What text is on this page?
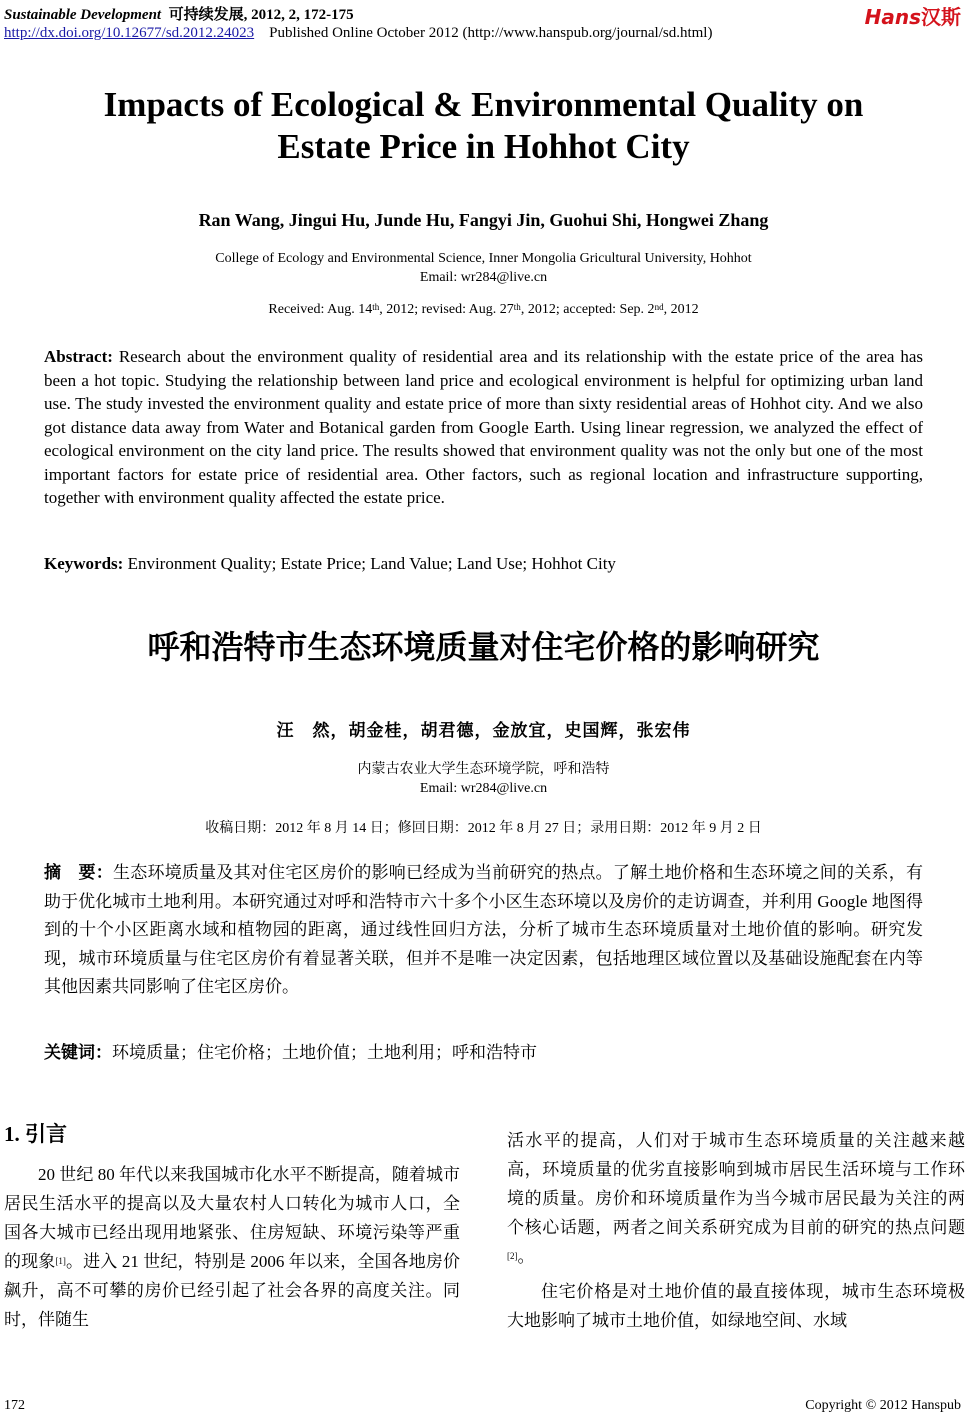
Sustainable Development 可持续发展, 2012, 2, 172-175
http://dx.doi.org/10.12677/sd.2012.24023 Published Online October 2012 (http://www.hanspub.org/journal/sd.html)
Hans汉斯
Impacts of Ecological & Environmental Quality on
Estate Price in Hohhot City
Ran Wang, Jingui Hu, Junde Hu, Fangyi Jin, Guohui Shi, Hongwei Zhang
College of Ecology and Environmental Science, Inner Mongolia Gricultural University, Hohhot
Email: wr284@live.cn
Received: Aug. 14th, 2012; revised: Aug. 27th, 2012; accepted: Sep. 2nd, 2012
Abstract: Research about the environment quality of residential area and its relationship with the estate price of the area has been a hot topic. Studying the relationship between land price and ecological environment is helpful for optimizing urban land use. The study invested the environment quality and estate price of more than sixty residential areas of Hohhot city. And we also got distance data away from Water and Botanical garden from Google Earth. Using linear regression, we analyzed the effect of ecological environment on the city land price. The results showed that environment quality was not the only but one of the most important factors for estate price of residential area. Other factors, such as regional location and infrastructure supporting, together with environment quality affected the estate price.
Keywords: Environment Quality; Estate Price; Land Value; Land Use; Hohhot City
呼和浩特市生态环境质量对住宅价格的影响研究
汪　然，胡金桂，胡君德，金放宜，史国辉，张宏伟
内蒙古农业大学生态环境学院，呼和浩特
Email: wr284@live.cn
收稿日期：2012 年 8 月 14 日；修回日期：2012 年 8 月 27 日；录用日期：2012 年 9 月 2 日
摘　要：生态环境质量及其对住宅区房价的影响已经成为当前研究的热点。了解土地价格和生态环境之间的关系，有助于优化城市土地利用。本研究通过对呼和浩特市六十多个小区生态环境以及房价的走访调查，并利用 Google 地图得到的十个小区距离水域和植物园的距离，通过线性回归方法，分析了城市生态环境质量对土地价值的影响。研究发现，城市环境质量与住宅区房价有着显著关联，但并不是唯一决定因素，包括地理区域位置以及基础设施配套在内等其他因素共同影响了住宅区房价。
关键词：环境质量；住宅价格；土地价值；土地利用；呼和浩特市
1. 引言

20 世纪 80 年代以来我国城市化水平不断提高，随着城市居民生活水平的提高以及大量农村人口转化为城市人口，全国各大城市已经出现用地紧张、住房短缺、环境污染等严重的现象[1]。进入 21 世纪，特别是 2006 年以来，全国各地房价飙升，高不可攀的房价已经引起了社会各界的高度关注。同时，伴随生

活水平的提高，人们对于城市生态环境质量的关注越来越高，环境质量的优劣直接影响到城市居民生活环境与工作环境的质量。房价和环境质量作为当今城市居民最为关注的两个核心话题，两者之间关系研究成为目前的研究的热点问题[2]。

住宅价格是对土地价值的最直接体现，城市生态环境极大地影响了城市土地价值，如绿地空间、水域

172	Copyright © 2012 Hanspub
